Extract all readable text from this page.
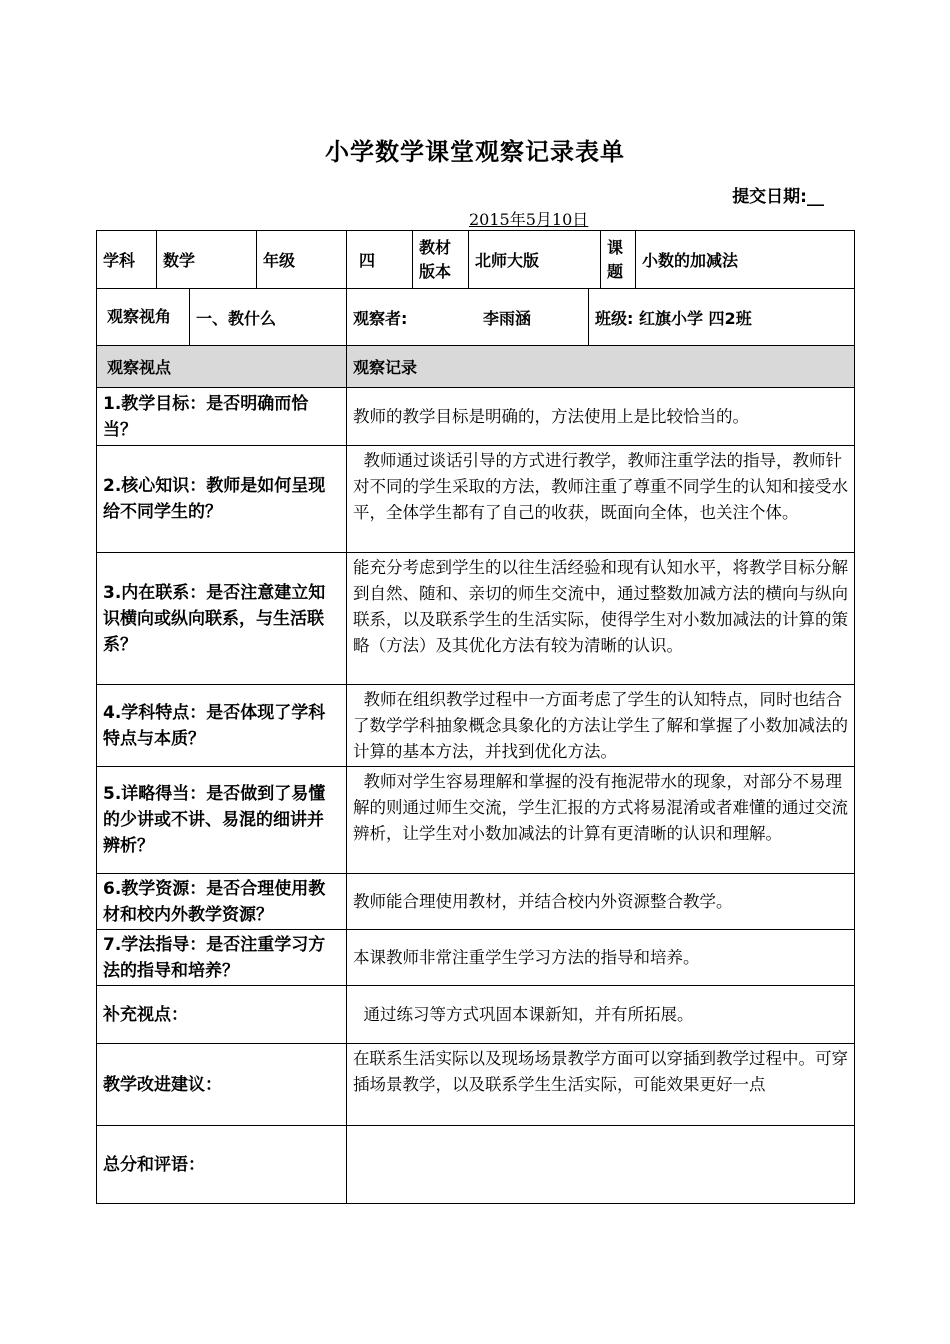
小学数学课堂观察记录表单
提交日期:__
2015年5月10日
学科	数学	年级	四	教材版本	北师大版	课题	小数的加减法
观察视角	一、教什么	观察者:	李雨涵	班级: 红旗小学 四2班
观察视点	观察记录
1.教学目标：是否明确而恰当？	教师的教学目标是明确的，方法使用上是比较恰当的。
2.核心知识：教师是如何呈现给不同学生的？	教师通过谈话引导的方式进行教学，教师注重学法的指导，教师针对不同的学生采取的方法，教师注重了尊重不同学生的认知和接受水平，全体学生都有了自己的收获，既面向全体，也关注个体。
3.内在联系：是否注意建立知识横向或纵向联系，与生活联系？	能充分考虑到学生的以往生活经验和现有认知水平，将教学目标分解到自然、随和、亲切的师生交流中，通过整数加减方法的横向与纵向联系，以及联系学生的生活实际，使得学生对小数加减法的计算的策略（方法）及其优化方法有较为清晰的认识。
4.学科特点：是否体现了学科特点与本质？	教师在组织教学过程中一方面考虑了学生的认知特点，同时也结合了数学学科抽象概念具象化的方法让学生了解和掌握了小数加减法的计算的基本方法，并找到优化方法。
5.详略得当：是否做到了易懂的少讲或不讲、易混的细讲并辨析？	教师对学生容易理解和掌握的没有拖泥带水的现象，对部分不易理解的则通过师生交流，学生汇报的方式将易混淆或者难懂的通过交流辨析，让学生对小数加减法的计算有更清晰的认识和理解。
6.教学资源：是否合理使用教材和校内外教学资源？	教师能合理使用教材，并结合校内外资源整合教学。
7.学法指导：是否注重学习方法的指导和培养？	本课教师非常注重学生学习方法的指导和培养。
补充视点：	通过练习等方式巩固本课新知，并有所拓展。
教学改进建议：	在联系生活实际以及现场场景教学方面可以穿插到教学过程中。可穿插场景教学，以及联系学生生活实际，可能效果更好一点
总分和评语：	
